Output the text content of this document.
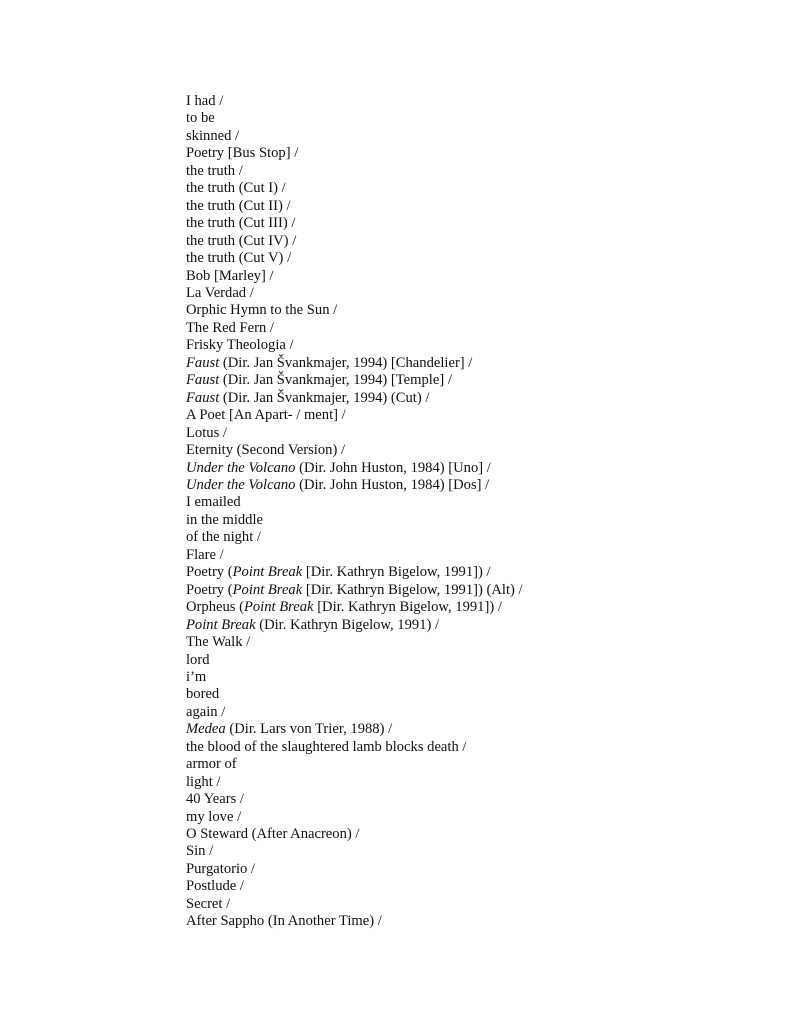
I had /
to be
skinned /
Poetry [Bus Stop] /
the truth /
the truth (Cut I) /
the truth (Cut II) /
the truth (Cut III) /
the truth (Cut IV) /
the truth (Cut V) /
Bob [Marley] /
La Verdad /
Orphic Hymn to the Sun /
The Red Fern /
Frisky Theologia /
Faust (Dir. Jan Švankmajer, 1994) [Chandelier] /
Faust (Dir. Jan Švankmajer, 1994) [Temple] /
Faust (Dir. Jan Švankmajer, 1994) (Cut) /
A Poet [An Apart- / ment] /
Lotus /
Eternity (Second Version) /
Under the Volcano (Dir. John Huston, 1984) [Uno] /
Under the Volcano (Dir. John Huston, 1984) [Dos] /
I emailed
in the middle
of the night /
Flare /
Poetry (Point Break [Dir. Kathryn Bigelow, 1991]) /
Poetry (Point Break [Dir. Kathryn Bigelow, 1991]) (Alt) /
Orpheus (Point Break [Dir. Kathryn Bigelow, 1991]) /
Point Break (Dir. Kathryn Bigelow, 1991) /
The Walk /
lord
i’m
bored
again /
Medea (Dir. Lars von Trier, 1988) /
the blood of the slaughtered lamb blocks death /
armor of
light /
40 Years /
my love /
O Steward (After Anacreon) /
Sin /
Purgatorio /
Postlude /
Secret /
After Sappho (In Another Time) /
